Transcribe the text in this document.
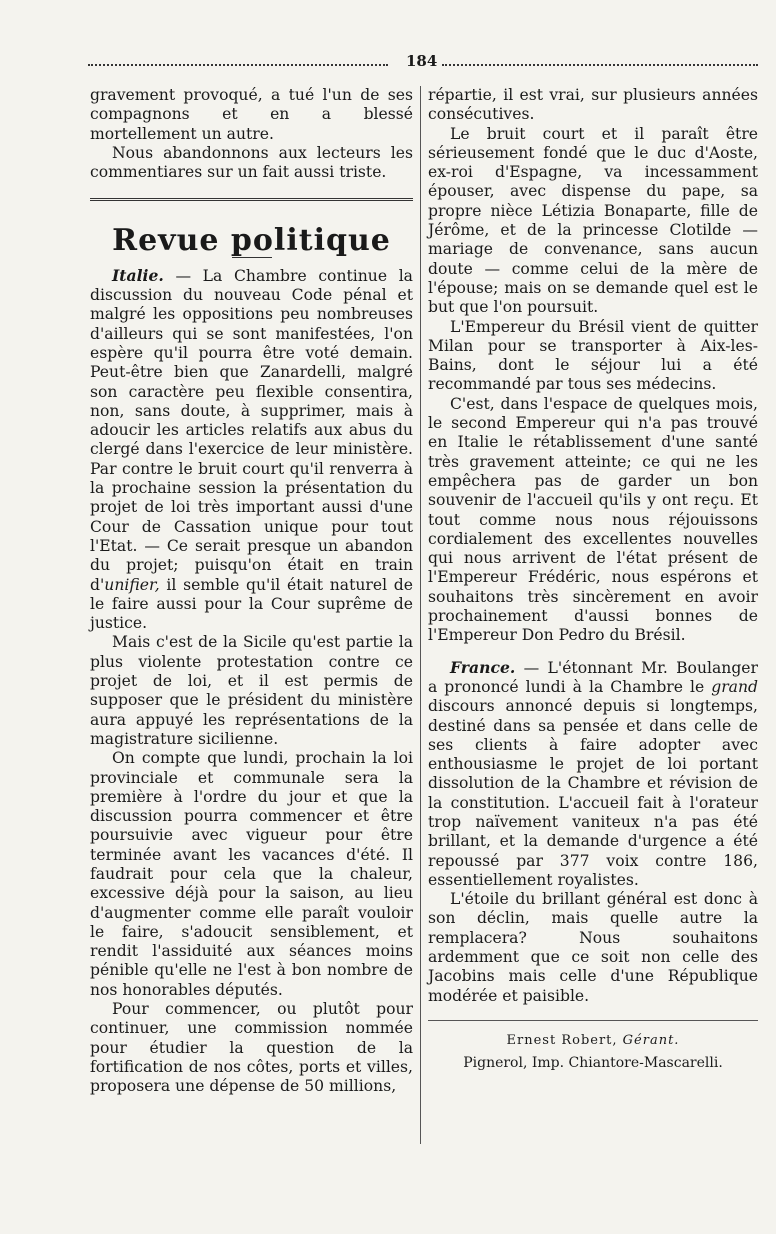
184

gravement provoqué, a tué l'un de ses compagnons et en a blessé mortellement un autre.

Nous abandonnons aux lecteurs les commentiares sur un fait aussi triste.

Revue politique

Italie. — La Chambre continue la discussion du nouveau Code pénal et malgré les oppositions peu nombreuses d'ailleurs qui se sont manifestées, l'on espère qu'il pourra être voté demain. Peut-être bien que Zanardelli, malgré son caractère peu flexible consentira, non, sans doute, à supprimer, mais à adoucir les articles relatifs aux abus du clergé dans l'exercice de leur ministère. Par contre le bruit court qu'il renverra à la prochaine session la présentation du projet de loi très important aussi d'une Cour de Cassation unique pour tout l'Etat. — Ce serait presque un abandon du projet; puisqu'on était en train d'unifier, il semble qu'il était naturel de le faire aussi pour la Cour suprême de justice.

Mais c'est de la Sicile qu'est partie la plus violente protestation contre ce projet de loi, et il est permis de supposer que le président du ministère aura appuyé les représentations de la magistrature sicilienne.

On compte que lundi, prochain la loi provinciale et communale sera la première à l'ordre du jour et que la discussion pourra commencer et être poursuivie avec vigueur pour être terminée avant les vacances d'été. Il faudrait pour cela que la chaleur, excessive déjà pour la saison, au lieu d'augmenter comme elle paraît vouloir le faire, s'adoucit sensiblement, et rendit l'assiduité aux séances moins pénible qu'elle ne l'est à bon nombre de nos honorables députés.

Pour commencer, ou plutôt pour continuer, une commission nommée pour étudier la question de la fortification de nos côtes, ports et villes, proposera une dépense de 50 millions,

répartie, il est vrai, sur plusieurs années consécutives.

Le bruit court et il paraît être sérieusement fondé que le duc d'Aoste, ex-roi d'Espagne, va incessamment épouser, avec dispense du pape, sa propre nièce Létizia Bonaparte, fille de Jérôme, et de la princesse Clotilde — mariage de convenance, sans aucun doute — comme celui de la mère de l'épouse; mais on se demande quel est le but que l'on poursuit.

L'Empereur du Brésil vient de quitter Milan pour se transporter à Aix-les-Bains, dont le séjour lui a été recommandé par tous ses médecins.

C'est, dans l'espace de quelques mois, le second Empereur qui n'a pas trouvé en Italie le rétablissement d'une santé très gravement atteinte; ce qui ne les empêchera pas de garder un bon souvenir de l'accueil qu'ils y ont reçu. Et tout comme nous nous réjouissons cordialement des excellentes nouvelles qui nous arrivent de l'état présent de l'Empereur Frédéric, nous espérons et souhaitons très sincèrement en avoir prochainement d'aussi bonnes de l'Empereur Don Pedro du Brésil.

France. — L'étonnant Mr. Boulanger a prononcé lundi à la Chambre le grand discours annoncé depuis si longtemps, destiné dans sa pensée et dans celle de ses clients à faire adopter avec enthousiasme le projet de loi portant dissolution de la Chambre et révision de la constitution. L'accueil fait à l'orateur trop naïvement vaniteux n'a pas été brillant, et la demande d'urgence a été repoussé par 377 voix contre 186, essentiellement royalistes.

L'étoile du brillant général est donc à son déclin, mais quelle autre la remplacera? Nous souhaitons ardemment que ce soit non celle des Jacobins mais celle d'une République modérée et paisible.

Ernest Robert, Gérant.
Pignerol, Imp. Chiantore-Mascarelli.
